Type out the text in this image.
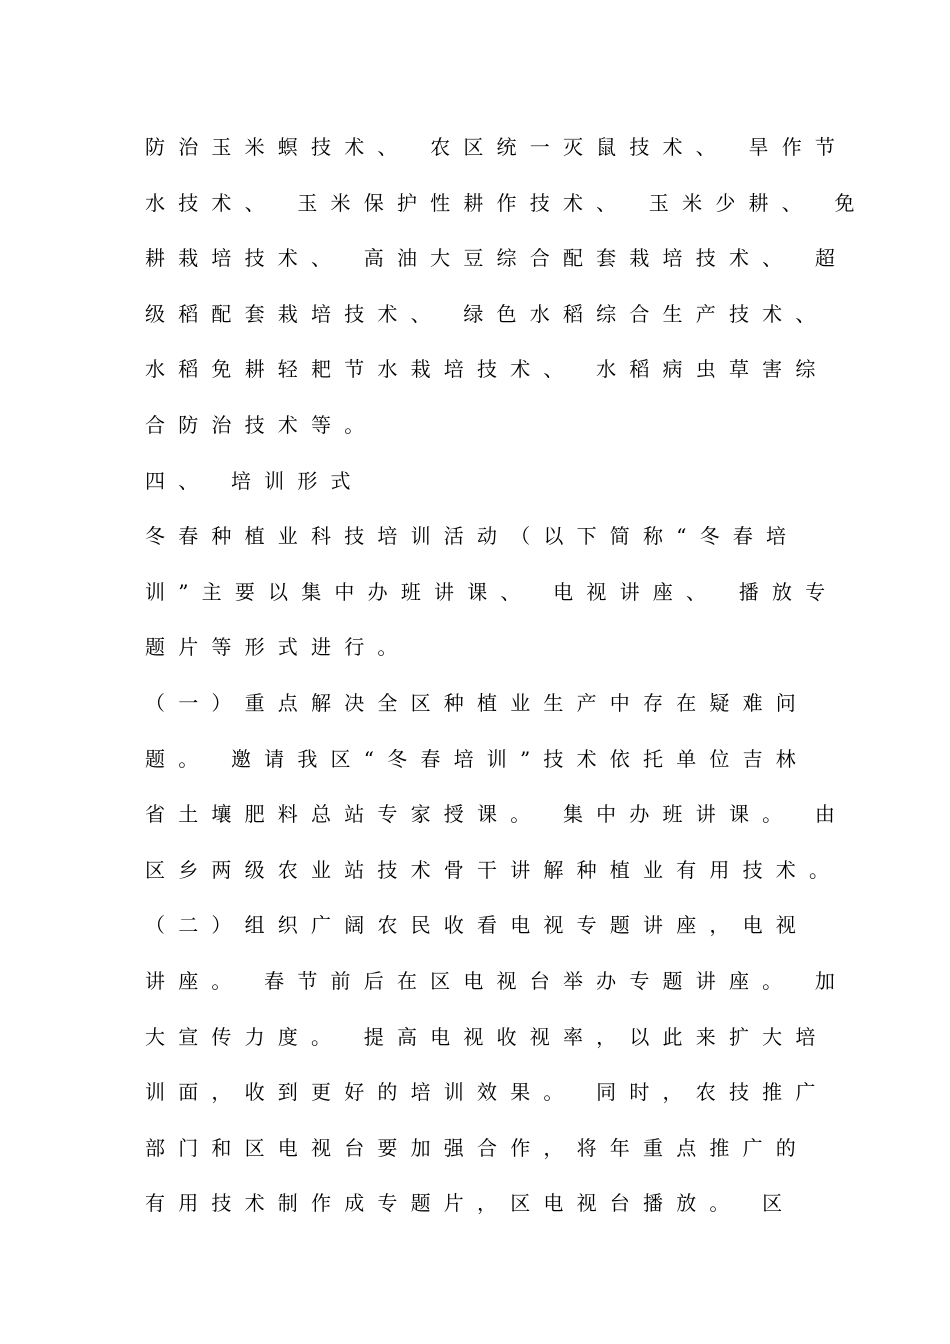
防治玉米螟技术、 农区统一灭鼠技术、 旱作节
水技术、 玉米保护性耕作技术、 玉米少耕、 免
耕栽培技术、 高油大豆综合配套栽培技术、 超
级稻配套栽培技术、 绿色水稻综合生产技术、
水稻免耕轻耙节水栽培技术、 水稻病虫草害综
合防治技术等。
四、 培训形式
冬春种植业科技培训活动（以下简称“冬春培
训”主要以集中办班讲课、 电视讲座、 播放专
题片等形式进行。
（一）重点解决全区种植业生产中存在疑难问
题。 邀请我区“冬春培训”技术依托单位吉林
省土壤肥料总站专家授课。 集中办班讲课。 由
区乡两级农业站技术骨干讲解种植业有用技术。
（二）组织广阔农民收看电视专题讲座，电视
讲座。 春节前后在区电视台举办专题讲座。 加
大宣传力度。 提高电视收视率，以此来扩大培
训面，收到更好的培训效果。 同时，农技推广
部门和区电视台要加强合作，将年重点推广的
有用技术制作成专题片，区电视台播放。 区
